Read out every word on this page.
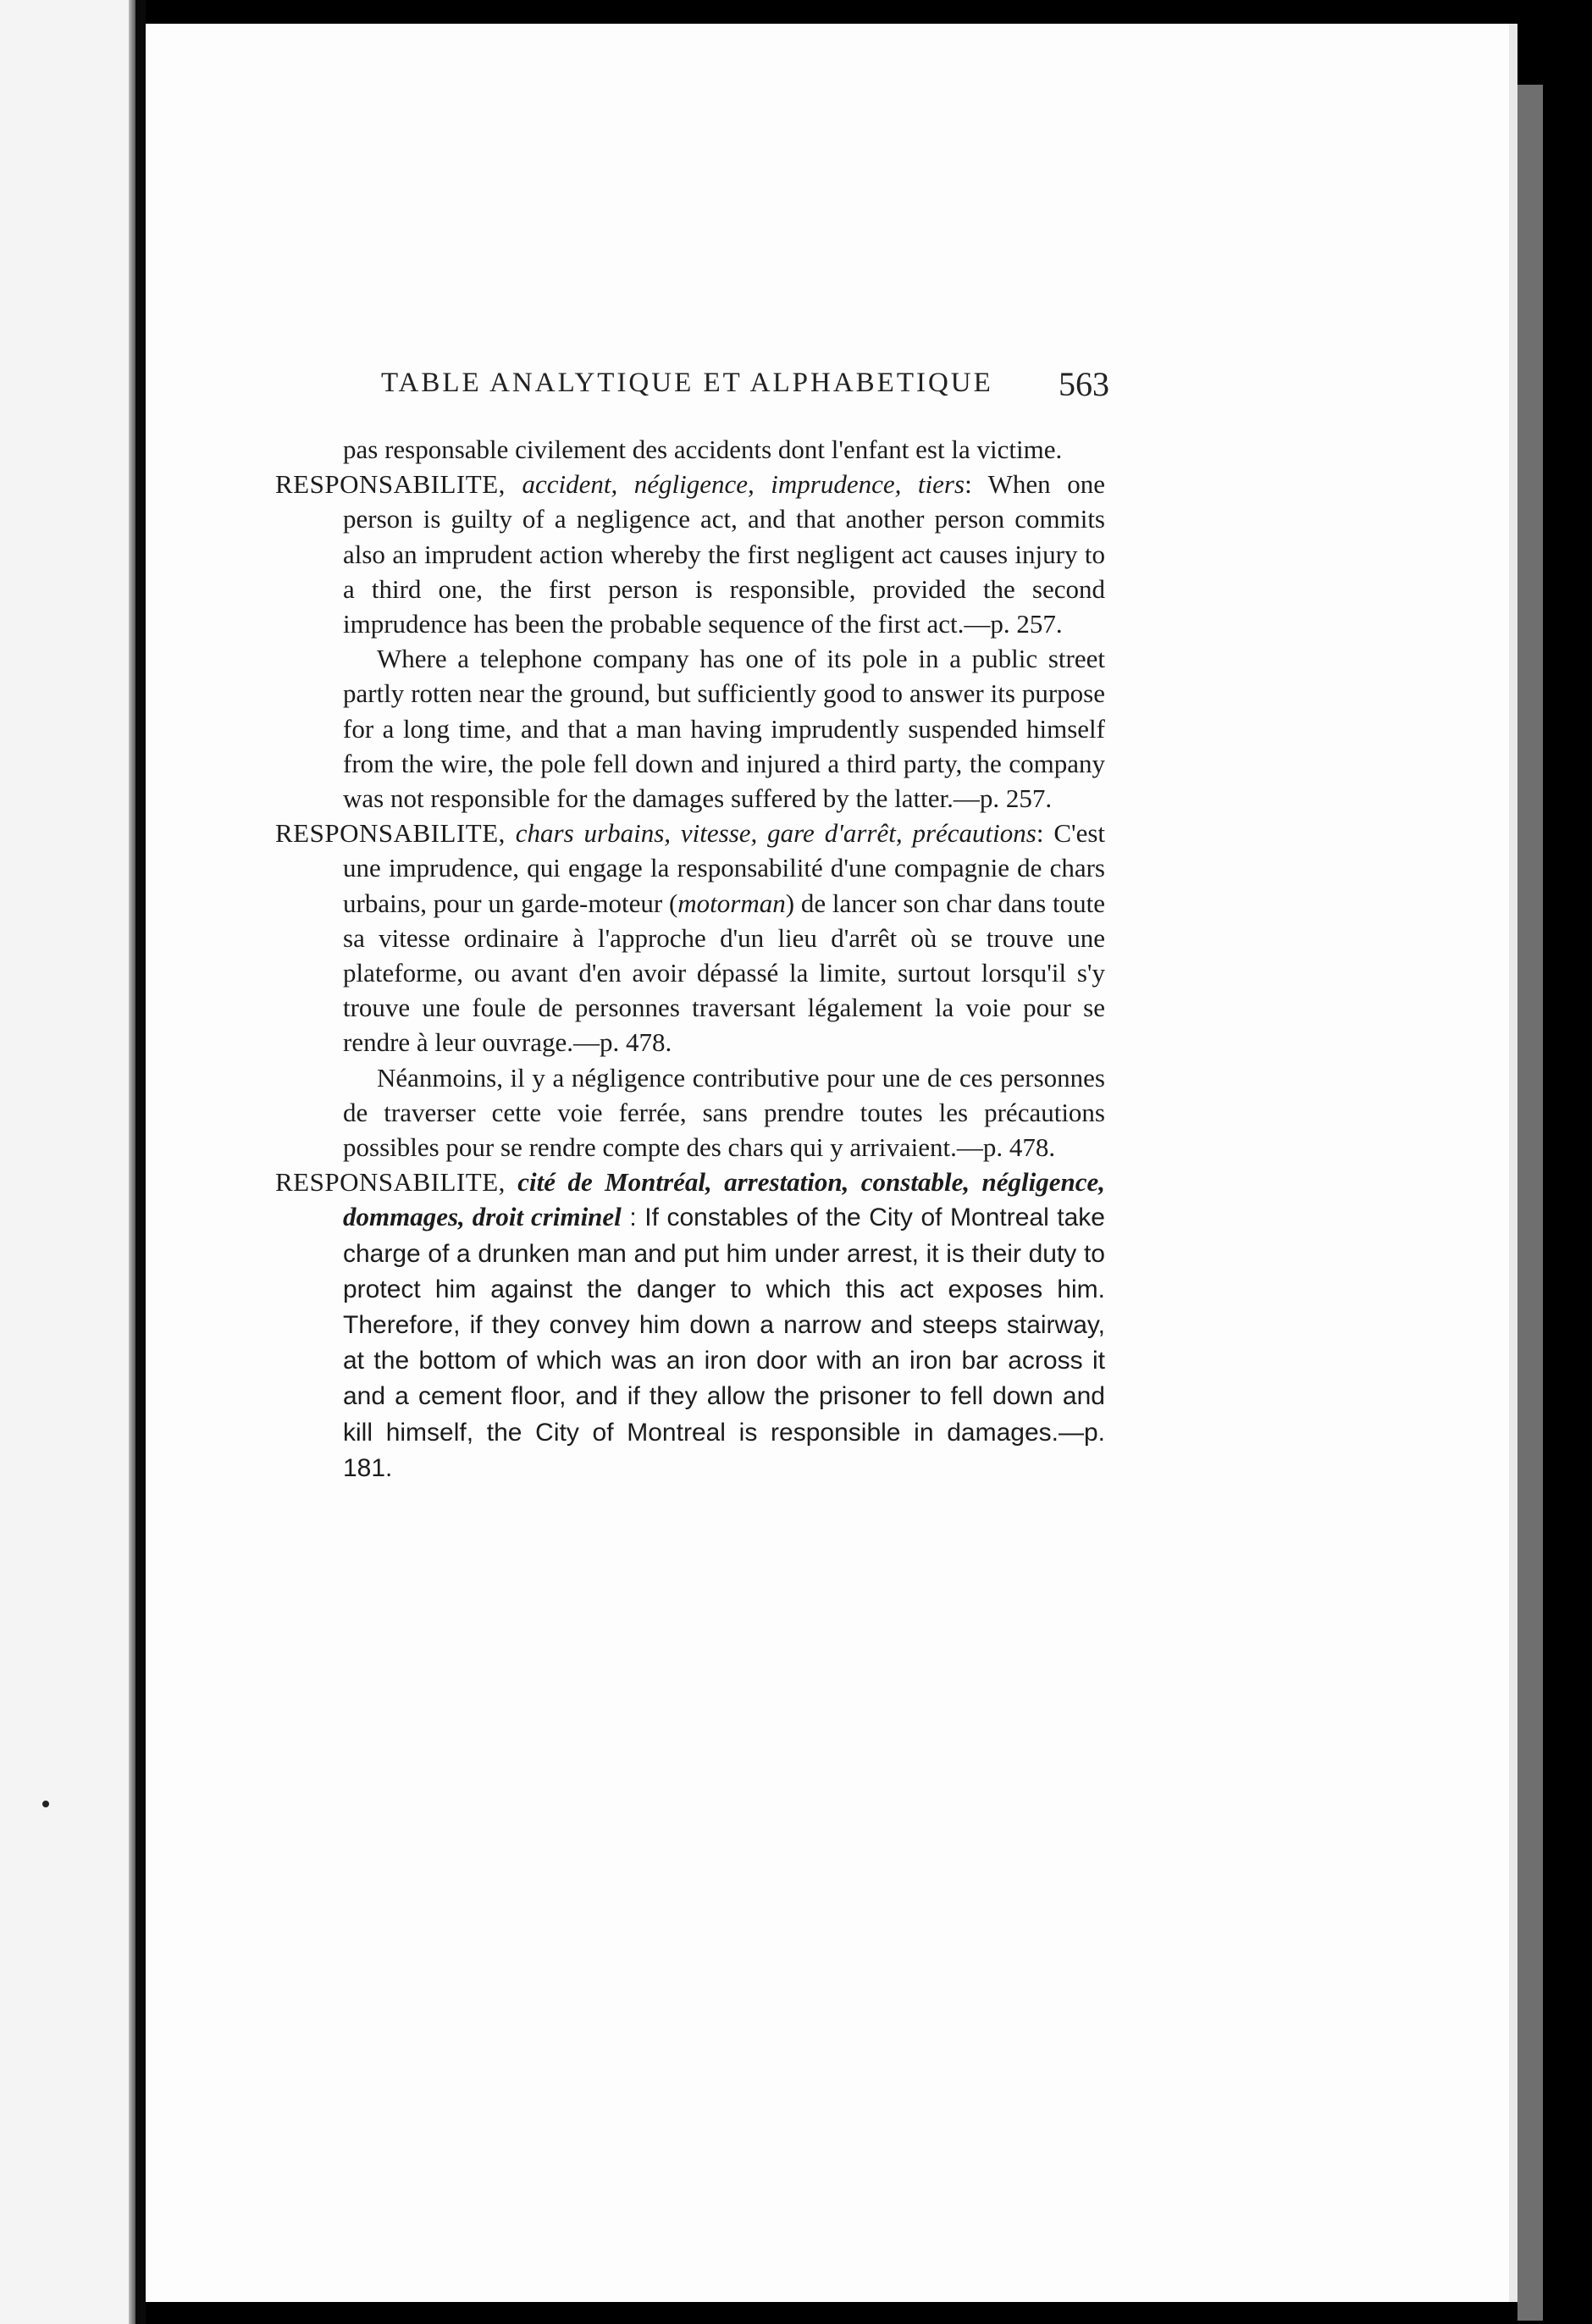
TABLE ANALYTIQUE ET ALPHABETIQUE 563

pas responsable civilement des accidents dont l'enfant est la victime.

RESPONSABILITE, accident, négligence, imprudence, tiers: When one person is guilty of a negligence act, and that another person commits also an imprudent action whereby the first negligent act causes injury to a third one, the first person is responsible, provided the second imprudence has been the probable sequence of the first act.—p. 257.

Where a telephone company has one of its pole in a public street partly rotten near the ground, but sufficiently good to answer its purpose for a long time, and that a man having imprudently suspended himself from the wire, the pole fell down and injured a third party, the company was not responsible for the damages suffered by the latter.—p. 257.

RESPONSABILITE, chars urbains, vitesse, gare d'arrêt, précautions: C'est une imprudence, qui engage la responsabilité d'une compagnie de chars urbains, pour un garde-moteur (motorman) de lancer son char dans toute sa vitesse ordinaire à l'approche d'un lieu d'arrêt où se trouve une plateforme, ou avant d'en avoir dépassé la limite, surtout lorsqu'il s'y trouve une foule de personnes traversant légalement la voie pour se rendre à leur ouvrage.—p. 478.

Néanmoins, il y a négligence contributive pour une de ces personnes de traverser cette voie ferrée, sans prendre toutes les précautions possibles pour se rendre compte des chars qui y arrivaient.—p. 478.

RESPONSABILITE, cité de Montréal, arrestation, constable, négligence, dommages, droit criminel : If constables of the City of Montreal take charge of a drunken man and put him under arrest, it is their duty to protect him against the danger to which this act exposes him. Therefore, if they convey him down a narrow and steeps stairway, at the bottom of which was an iron door with an iron bar across it and a cement floor, and if they allow the prisoner to fell down and kill himself, the City of Montreal is responsible in damages.—p. 181.
